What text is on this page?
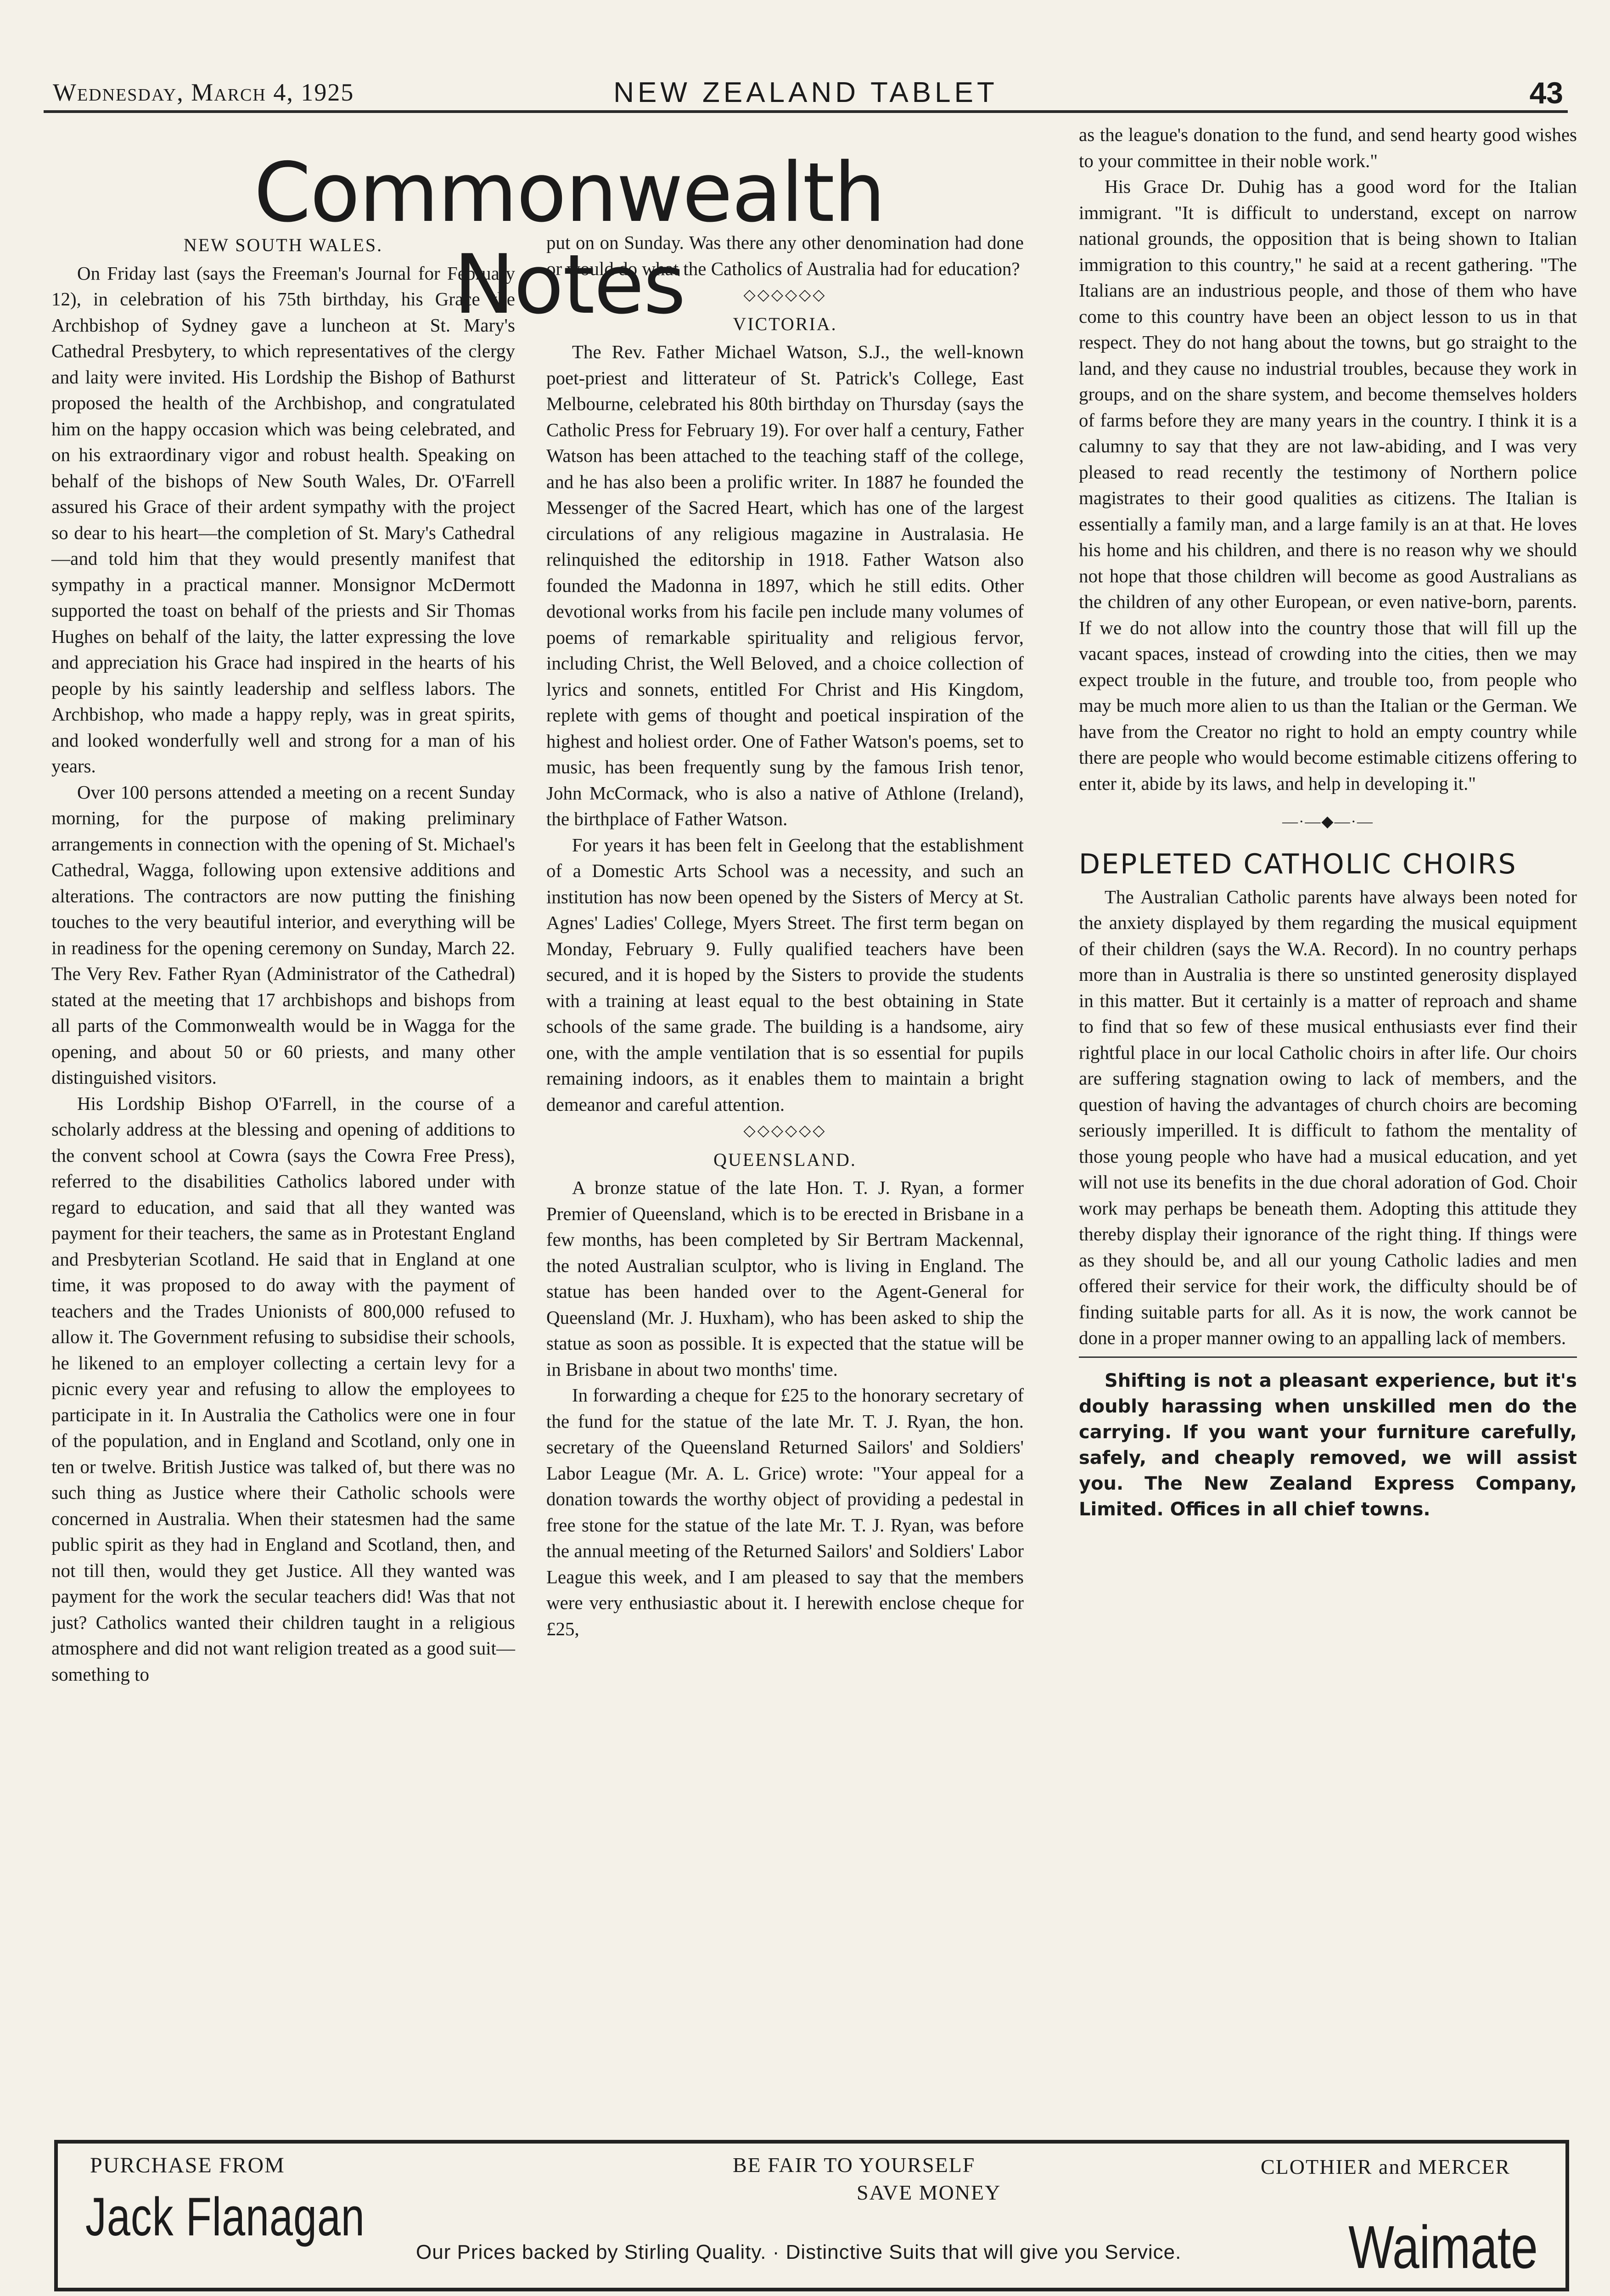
Wednesday, March 4, 1925	NEW ZEALAND TABLET	43
Commonwealth Notes
NEW SOUTH WALES.

On Friday last (says the Freeman's Journal for February 12), in celebration of his 75th birthday, his Grace the Archbishop of Sydney gave a luncheon at St. Mary's Cathedral Presbytery, to which representatives of the clergy and laity were invited. His Lordship the Bishop of Bathurst proposed the health of the Archbishop, and congratulated him on the happy occasion which was being celebrated, and on his extraordinary vigor and robust health. Speaking on behalf of the bishops of New South Wales, Dr. O'Farrell assured his Grace of their ardent sympathy with the project so dear to his heart—the completion of St. Mary's Cathedral—and told him that they would presently manifest that sympathy in a practical manner. Monsignor McDermott supported the toast on behalf of the priests and Sir Thomas Hughes on behalf of the laity, the latter expressing the love and appreciation his Grace had inspired in the hearts of his people by his saintly leadership and selfless labors. The Archbishop, who made a happy reply, was in great spirits, and looked wonderfully well and strong for a man of his years.

Over 100 persons attended a meeting on a recent Sunday morning, for the purpose of making preliminary arrangements in connection with the opening of St. Michael's Cathedral, Wagga, following upon extensive additions and alterations. The contractors are now putting the finishing touches to the very beautiful interior, and everything will be in readiness for the opening ceremony on Sunday, March 22. The Very Rev. Father Ryan (Administrator of the Cathedral) stated at the meeting that 17 archbishops and bishops from all parts of the Commonwealth would be in Wagga for the opening, and about 50 or 60 priests, and many other distinguished visitors.

His Lordship Bishop O'Farrell, in the course of a scholarly address at the blessing and opening of additions to the convent school at Cowra (says the Cowra Free Press), referred to the disabilities Catholics labored under with regard to education, and said that all they wanted was payment for their teachers, the same as in Protestant England and Presbyterian Scotland. He said that in England at one time, it was proposed to do away with the payment of teachers and the Trades Unionists of 800,000 refused to allow it. The Government refusing to subsidise their schools, he likened to an employer collecting a certain levy for a picnic every year and refusing to allow the employees to participate in it. In Australia the Catholics were one in four of the population, and in England and Scotland, only one in ten or twelve. British Justice was talked of, but there was no such thing as Justice where their Catholic schools were concerned in Australia. When their statesmen had the same public spirit as they had in England and Scotland, then, and not till then, would they get Justice. All they wanted was payment for the work the secular teachers did! Was that not just? Catholics wanted their children taught in a religious atmosphere and did not want religion treated as a good suit—something to

put on on Sunday. Was there any other denomination had done or would do what the Catholics of Australia had for education?

◇◇◇◇◇◇
VICTORIA.

The Rev. Father Michael Watson, S.J., the well-known poet-priest and litterateur of St. Patrick's College, East Melbourne, celebrated his 80th birthday on Thursday (says the Catholic Press for February 19). For over half a century, Father Watson has been attached to the teaching staff of the college, and he has also been a prolific writer. In 1887 he founded the Messenger of the Sacred Heart, which has one of the largest circulations of any religious magazine in Australasia. He relinquished the editorship in 1918. Father Watson also founded the Madonna in 1897, which he still edits. Other devotional works from his facile pen include many volumes of poems of remarkable spirituality and religious fervor, including Christ, the Well Beloved, and a choice collection of lyrics and sonnets, entitled For Christ and His Kingdom, replete with gems of thought and poetical inspiration of the highest and holiest order. One of Father Watson's poems, set to music, has been frequently sung by the famous Irish tenor, John McCormack, who is also a native of Athlone (Ireland), the birthplace of Father Watson.

For years it has been felt in Geelong that the establishment of a Domestic Arts School was a necessity, and such an institution has now been opened by the Sisters of Mercy at St. Agnes' Ladies' College, Myers Street. The first term began on Monday, February 9. Fully qualified teachers have been secured, and it is hoped by the Sisters to provide the students with a training at least equal to the best obtaining in State schools of the same grade. The building is a handsome, airy one, with the ample ventilation that is so essential for pupils remaining indoors, as it enables them to maintain a bright demeanor and careful attention.

◇◇◇◇◇◇
QUEENSLAND.

A bronze statue of the late Hon. T. J. Ryan, a former Premier of Queensland, which is to be erected in Brisbane in a few months, has been completed by Sir Bertram Mackennal, the noted Australian sculptor, who is living in England. The statue has been handed over to the Agent-General for Queensland (Mr. J. Huxham), who has been asked to ship the statue as soon as possible. It is expected that the statue will be in Brisbane in about two months' time.

In forwarding a cheque for £25 to the honorary secretary of the fund for the statue of the late Mr. T. J. Ryan, the hon. secretary of the Queensland Returned Sailors' and Soldiers' Labor League (Mr. A. L. Grice) wrote: "Your appeal for a donation towards the worthy object of providing a pedestal in free stone for the statue of the late Mr. T. J. Ryan, was before the annual meeting of the Returned Sailors' and Soldiers' Labor League this week, and I am pleased to say that the members were very enthusiastic about it. I herewith enclose cheque for £25,

as the league's donation to the fund, and send hearty good wishes to your committee in their noble work."

His Grace Dr. Duhig has a good word for the Italian immigrant. "It is difficult to understand, except on narrow national grounds, the opposition that is being shown to Italian immigration to this country," he said at a recent gathering. "The Italians are an industrious people, and those of them who have come to this country have been an object lesson to us in that respect. They do not hang about the towns, but go straight to the land, and they cause no industrial troubles, because they work in groups, and on the share system, and become themselves holders of farms before they are many years in the country. I think it is a calumny to say that they are not law-abiding, and I was very pleased to read recently the testimony of Northern police magistrates to their good qualities as citizens. The Italian is essentially a family man, and a large family is an at that. He loves his home and his children, and there is no reason why we should not hope that those children will become as good Australians as the children of any other European, or even native-born, parents. If we do not allow into the country those that will fill up the vacant spaces, instead of crowding into the cities, then we may expect trouble in the future, and trouble too, from people who may be much more alien to us than the Italian or the German. We have from the Creator no right to hold an empty country while there are people who would become estimable citizens offering to enter it, abide by its laws, and help in developing it."

—·—◆—·—
DEPLETED CATHOLIC CHOIRS

The Australian Catholic parents have always been noted for the anxiety displayed by them regarding the musical equipment of their children (says the W.A. Record). In no country perhaps more than in Australia is there so unstinted generosity displayed in this matter. But it certainly is a matter of reproach and shame to find that so few of these musical enthusiasts ever find their rightful place in our local Catholic choirs in after life. Our choirs are suffering stagnation owing to lack of members, and the question of having the advantages of church choirs are becoming seriously imperilled. It is difficult to fathom the mentality of those young people who have had a musical education, and yet will not use its benefits in the due choral adoration of God. Choir work may perhaps be beneath them. Adopting this attitude they thereby display their ignorance of the right thing. If things were as they should be, and all our young Catholic ladies and men offered their service for their work, the difficulty should be of finding suitable parts for all. As it is now, the work cannot be done in a proper manner owing to an appalling lack of members.

Shifting is not a pleasant experience, but it's doubly harassing when unskilled men do the carrying. If you want your furniture carefully, safely, and cheaply removed, we will assist you. The New Zealand Express Company, Limited. Offices in all chief towns.

PURCHASE FROM
Jack Flanagan
BE FAIR TO YOURSELF
SAVE MONEY
CLOTHIER and MERCER
Our Prices backed by Stirling Quality. · Distinctive Suits that will give you Service.	Waimate
